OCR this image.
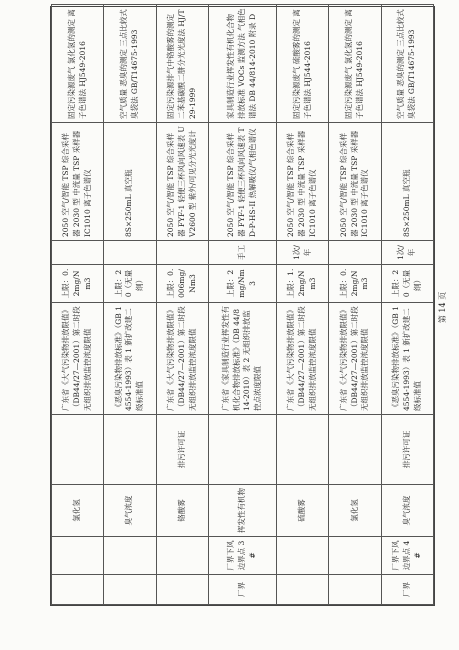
		氯化氢		广东省《大气污染物排放限值》（DB44/27—2001）第二时段无组织排放监控浓度限值	上限：0.2mg/Nm3		2050 空气/智能 TSP 综合采样器 2030 型 中流量 TSP 采样器 IC1010 离子色谱仪	固定污染源废气 氯化氢的测定 离子色谱法 HJ549-2016
		臭气浓度		《恶臭污染物排放标准》（GB 14554-1993）表 1 新扩改建二级标准值	上限：20（无量纲）		8S×250mL 真空瓶	空气质量 恶臭的测定 三点比较式臭袋法 GB/T14675-1993
		铬酸雾	排污许可证	广东省《大气污染物排放限值》（DB44/27—2001）第二时段无组织排放监控浓度限值	上限：0.006mg/Nm3		2050 空气/智能 TSP 综合采样器 FYF-1 轻便三杯风向风速表 UV2600 型 紫外/可见分光光度计	固定污染源排气中铬酸雾的测定 二苯基碳酰二肼分光光度法 HJ/T 29-1999
厂界	厂界下风边界点 3#	挥发性有机物		广东省《家具制造行业挥发性有机化合物排放标准》（DB 44/814-2010）表 2 无组织排放监控点浓度限值	上限：2mg/Nm3	手工	2050 空气/智能 TSP 综合采样器 FYF-1 轻便三杯风向风速表 TD-P-HS-II 热解吸仪/气相色谱仪	家具制造行业挥发性有机化合物排放标准 VOCs 监测方法 气相色谱法 DB 44/814-2010 附录 D
		硫酸雾		广东省《大气污染物排放限值》（DB44/27—2001）第二时段无组织排放监控浓度限值	上限：1.2mg/Nm3	1次/年	2050 空气/智能 TSP 综合采样器 2030 型 中流量 TSP 采样器 IC1010 离子色谱仪	固定污染源废气 硫酸雾的测定 离子色谱法 HJ544-2016
		氯化氢		广东省《大气污染物排放限值》（DB44/27—2001）第二时段无组织排放监控浓度限值	上限：0.2mg/Nm3		2050 空气/智能 TSP 综合采样器 2030 型 中流量 TSP 采样器 IC1010 离子色谱仪	固定污染源废气 氯化氢的测定 离子色谱法 HJ549-2016
厂界	厂界下风边界点 4#	臭气浓度	排污许可证	《恶臭污染物排放标准》（GB 14554-1993）表 1 新扩改建二级标准值	上限：20（无量纲）	1次/年	8S×250mL 真空瓶	空气质量 恶臭的测定 三点比较式臭袋法 GB/T14675-1993
第 14 页
